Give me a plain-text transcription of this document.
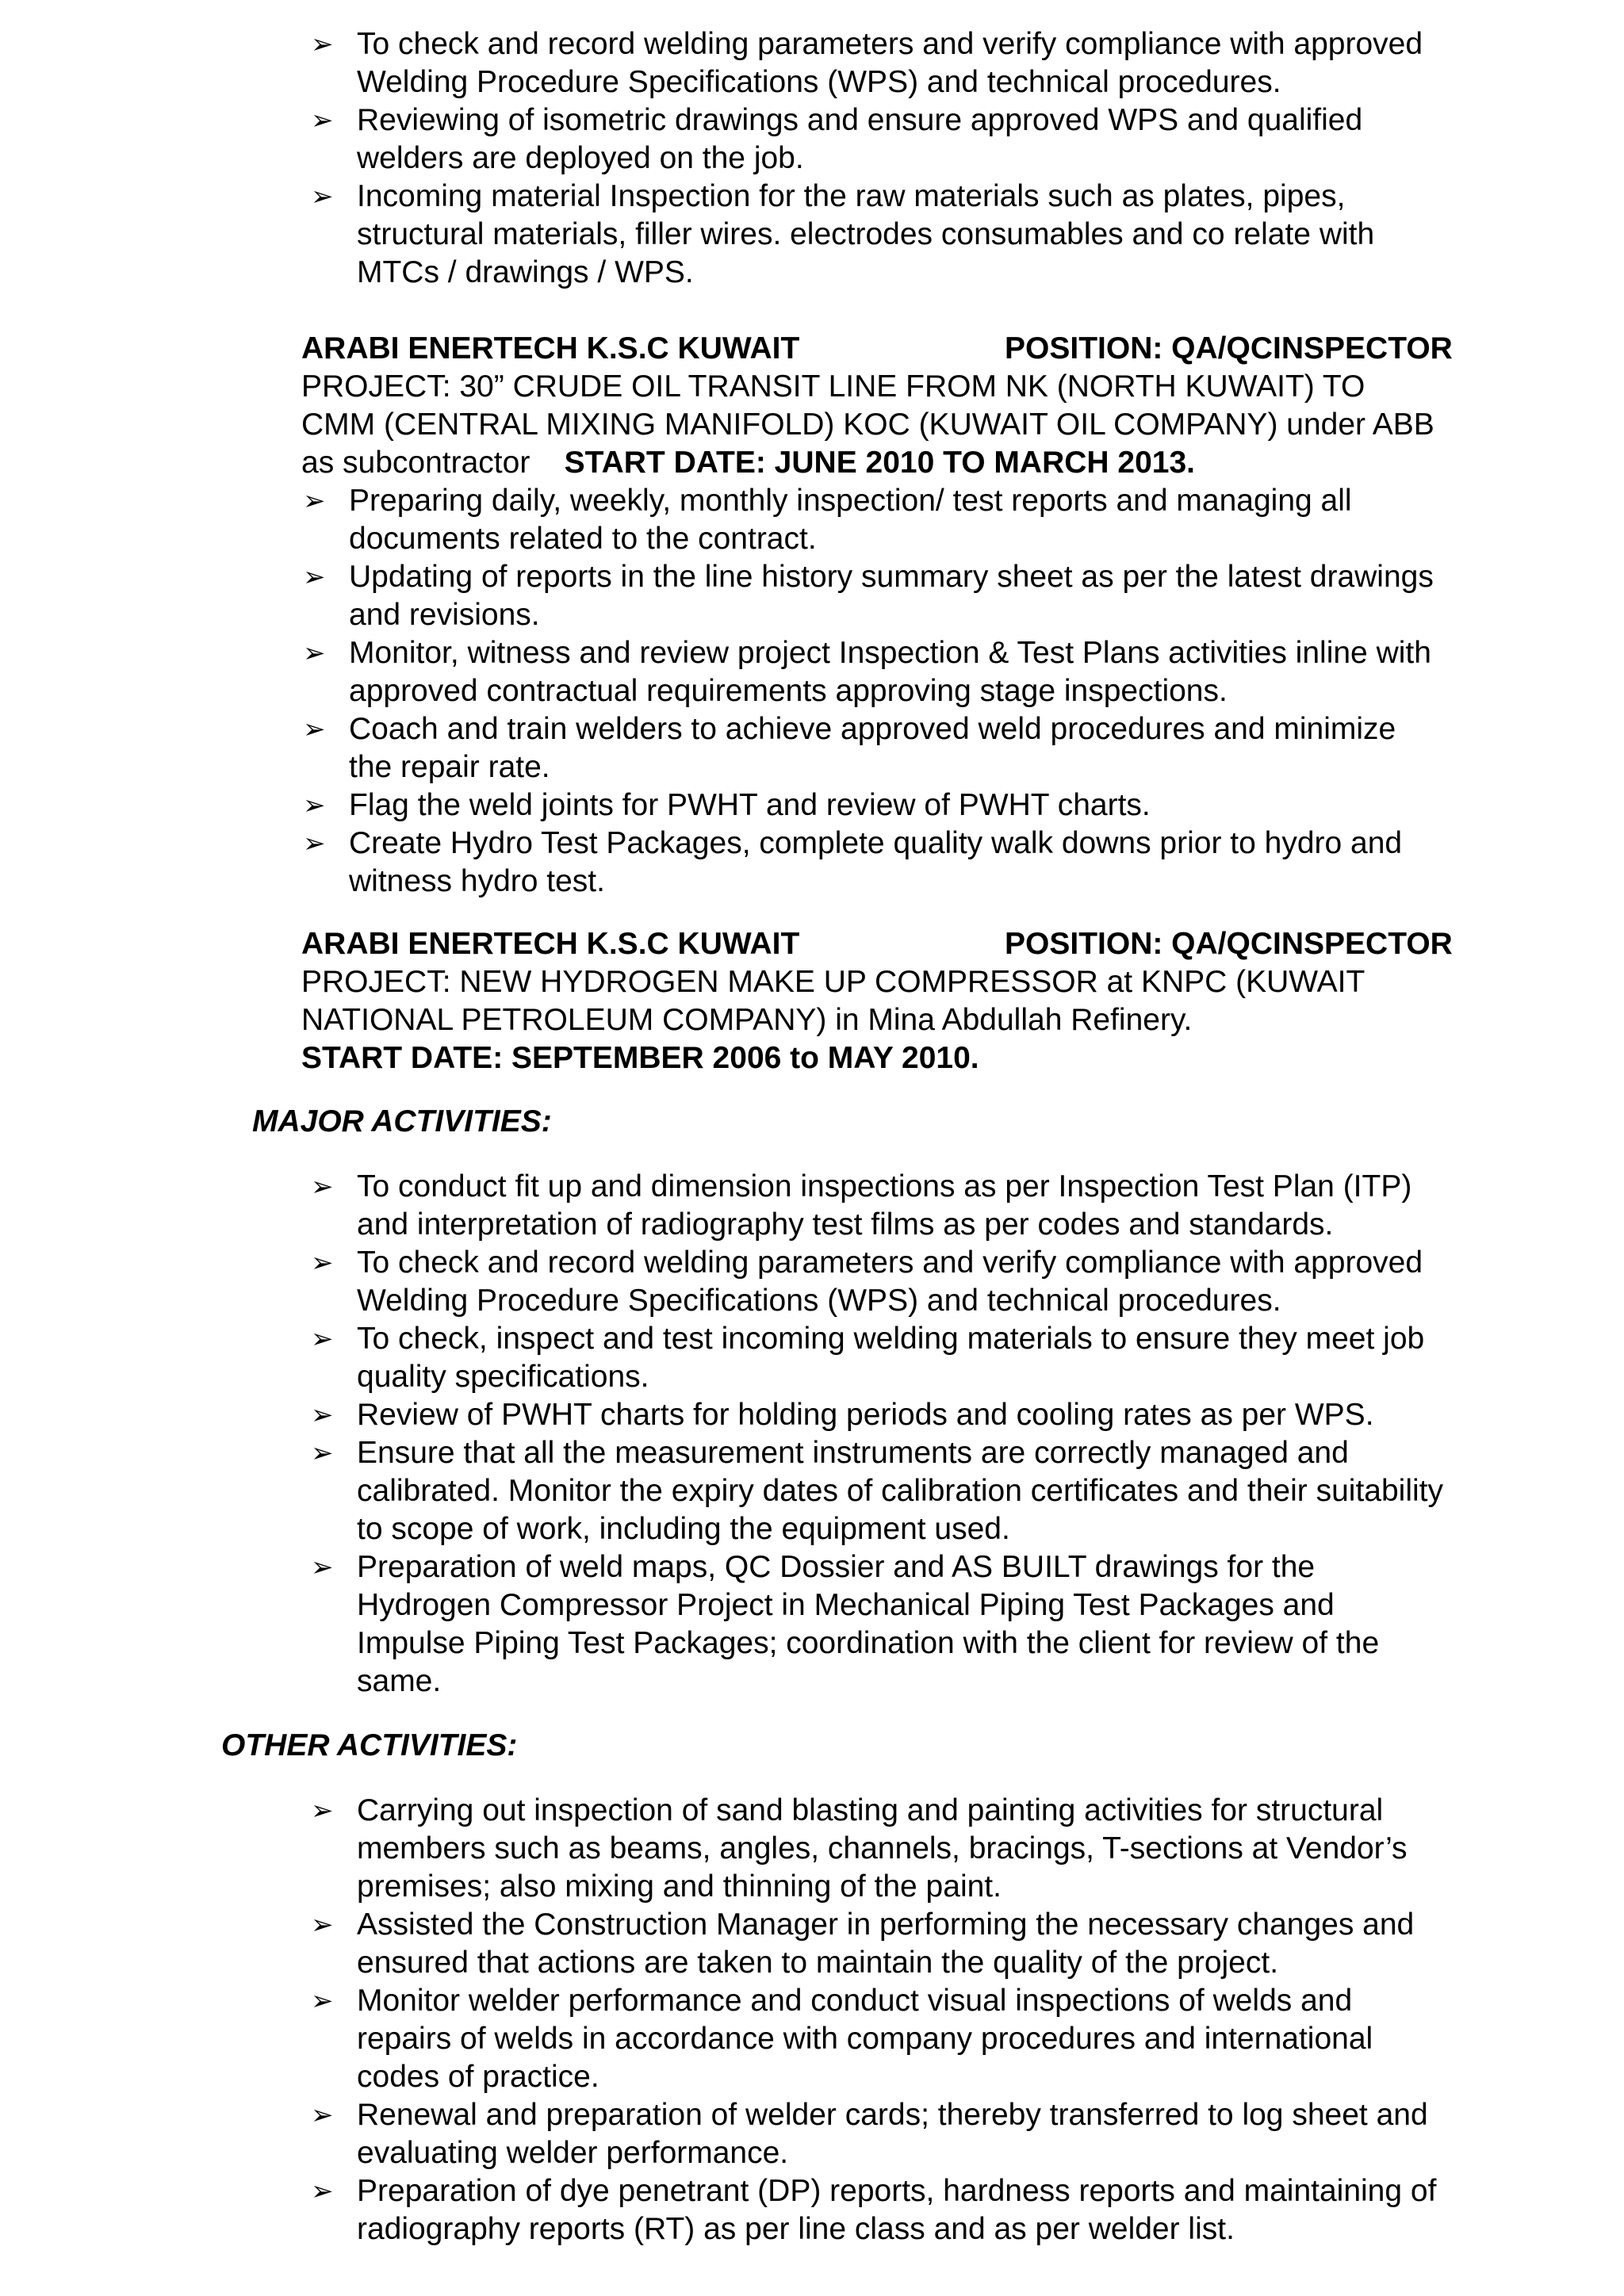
➢ To check and record welding parameters and verify compliance with approved
Welding Procedure Specifications (WPS) and technical procedures.
➢ Reviewing of isometric drawings and ensure approved WPS and qualified
welders are deployed on the job.
➢ Incoming material Inspection for the raw materials such as plates, pipes,
structural materials, filler wires. electrodes consumables and co relate with
MTCs / drawings / WPS.
ARABI ENERTECH K.S.C KUWAIT	POSITION: QA/QCINSPECTOR
PROJECT: 30” CRUDE OIL TRANSIT LINE FROM NK (NORTH KUWAIT) TO
CMM (CENTRAL MIXING MANIFOLD) KOC (KUWAIT OIL COMPANY) under ABB
as subcontractor START DATE: JUNE 2010 TO MARCH 2013.
➢ Preparing daily, weekly, monthly inspection/ test reports and managing all
documents related to the contract.
➢ Updating of reports in the line history summary sheet as per the latest drawings
and revisions.
➢ Monitor, witness and review project Inspection & Test Plans activities inline with
approved contractual requirements approving stage inspections.
➢ Coach and train welders to achieve approved weld procedures and minimize
the repair rate.
➢ Flag the weld joints for PWHT and review of PWHT charts.
➢ Create Hydro Test Packages, complete quality walk downs prior to hydro and
witness hydro test.
ARABI ENERTECH K.S.C KUWAIT	POSITION: QA/QCINSPECTOR
PROJECT: NEW HYDROGEN MAKE UP COMPRESSOR at KNPC (KUWAIT
NATIONAL PETROLEUM COMPANY) in Mina Abdullah Refinery.
START DATE: SEPTEMBER 2006 to MAY 2010.
MAJOR ACTIVITIES:
➢ To conduct fit up and dimension inspections as per Inspection Test Plan (ITP)
and interpretation of radiography test films as per codes and standards.
➢ To check and record welding parameters and verify compliance with approved
Welding Procedure Specifications (WPS) and technical procedures.
➢ To check, inspect and test incoming welding materials to ensure they meet job
quality specifications.
➢ Review of PWHT charts for holding periods and cooling rates as per WPS.
➢ Ensure that all the measurement instruments are correctly managed and
calibrated. Monitor the expiry dates of calibration certificates and their suitability
to scope of work, including the equipment used.
➢ Preparation of weld maps, QC Dossier and AS BUILT drawings for the
Hydrogen Compressor Project in Mechanical Piping Test Packages and
Impulse Piping Test Packages; coordination with the client for review of the
same.
OTHER ACTIVITIES:
➢ Carrying out inspection of sand blasting and painting activities for structural
members such as beams, angles, channels, bracings, T-sections at Vendor’s
premises; also mixing and thinning of the paint.
➢ Assisted the Construction Manager in performing the necessary changes and
ensured that actions are taken to maintain the quality of the project.
➢ Monitor welder performance and conduct visual inspections of welds and
repairs of welds in accordance with company procedures and international
codes of practice.
➢ Renewal and preparation of welder cards; thereby transferred to log sheet and
evaluating welder performance.
➢ Preparation of dye penetrant (DP) reports, hardness reports and maintaining of
radiography reports (RT) as per line class and as per welder list.
